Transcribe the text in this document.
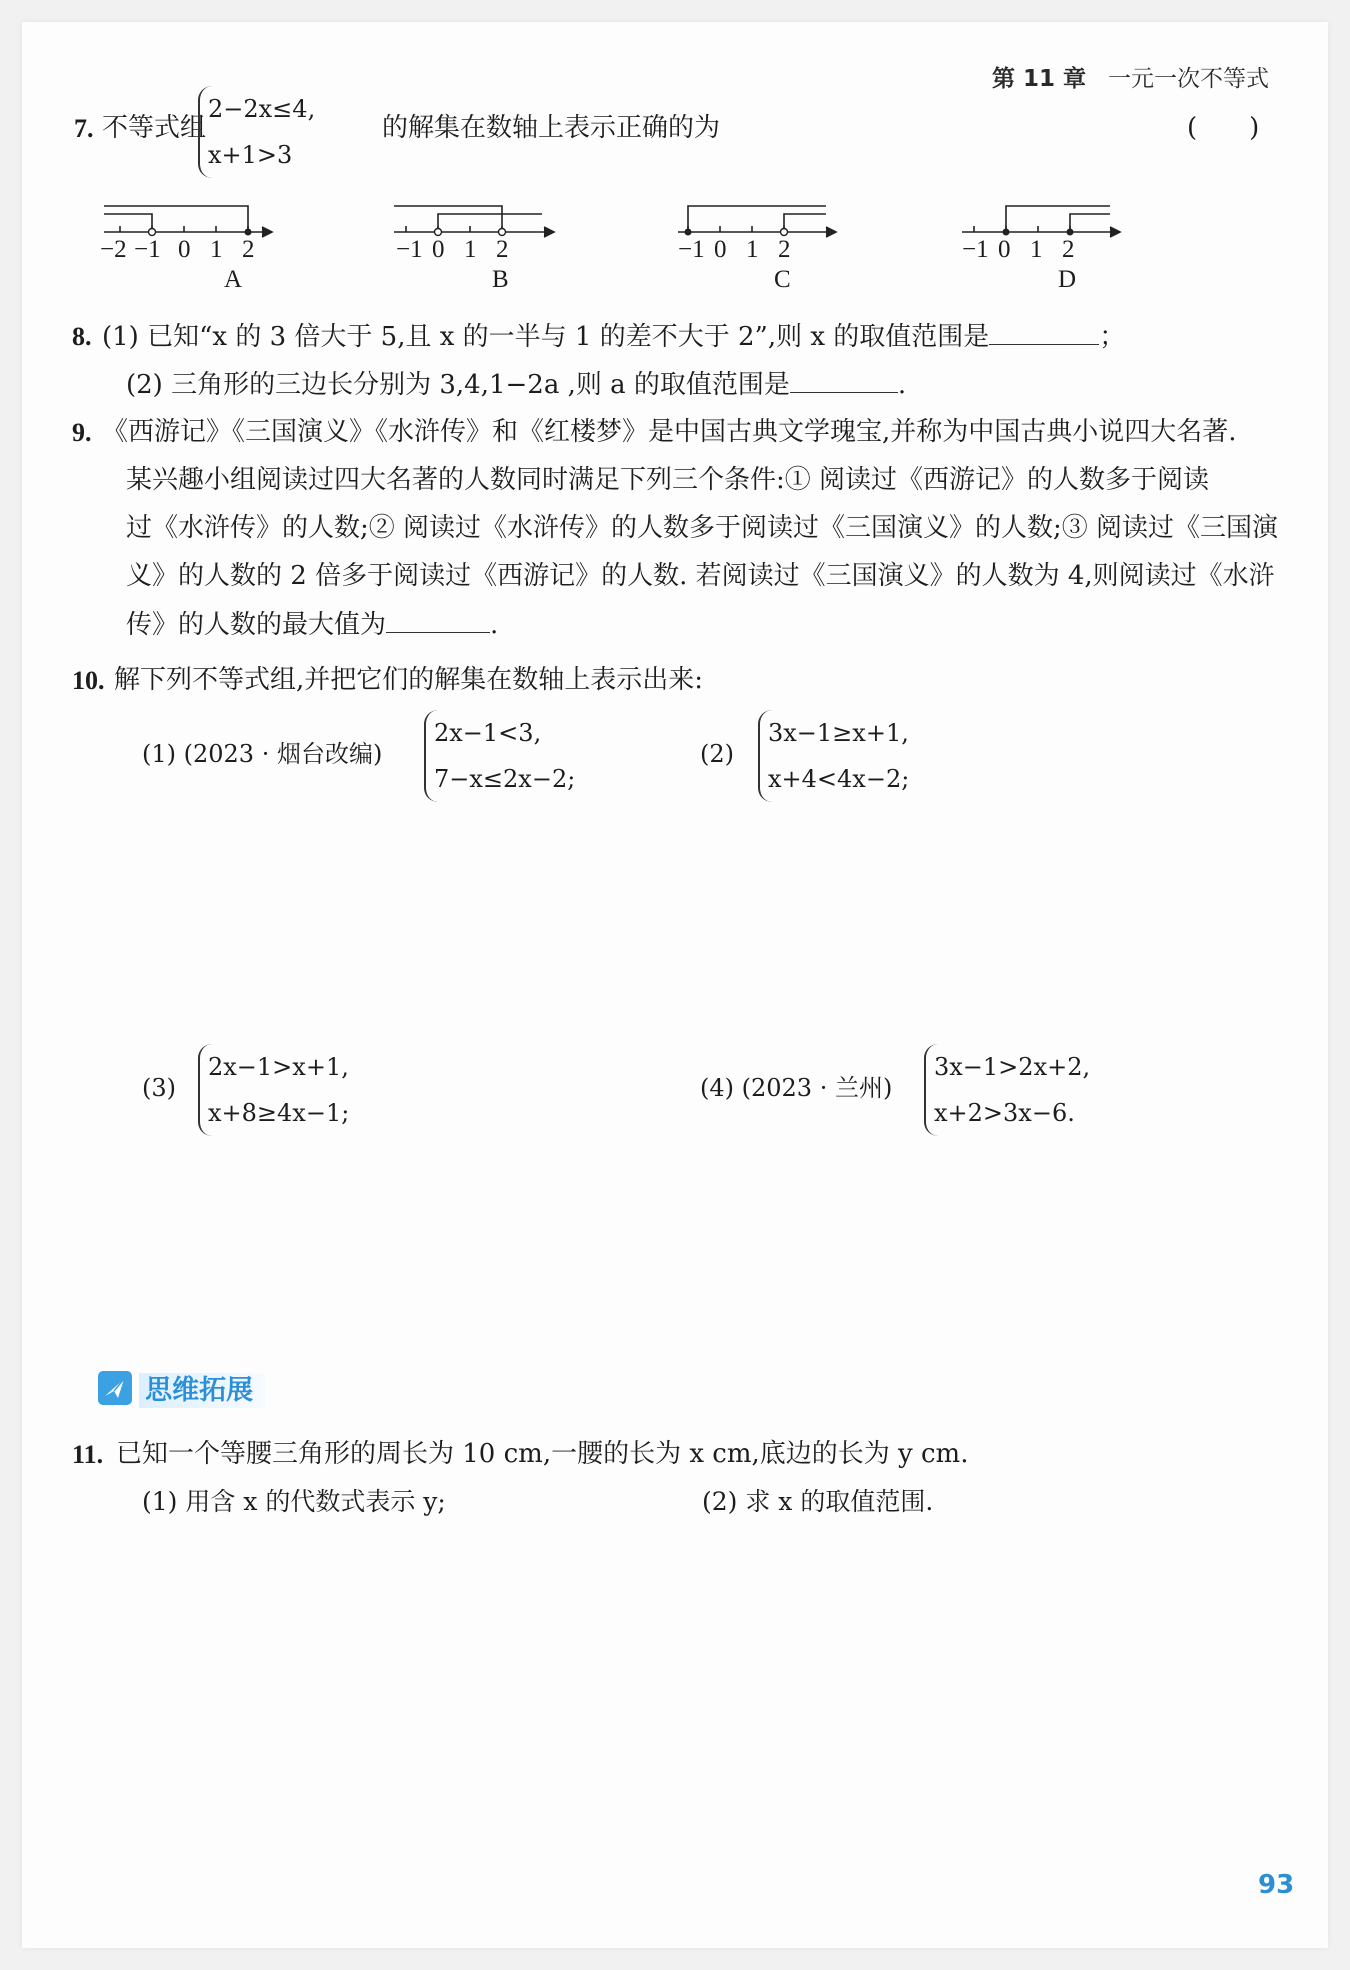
第 11 章 一元一次不等式
7. 不等式组
2−2x≤4,
x+1>3
的解集在数轴上表示正确的为	(　　)
−2 −1 0 1 2	−1 0 1 2	−1 0 1 2	−1 0 1 2
A	B	C	D
8. (1) 已知“x 的 3 倍大于 5,且 x 的一半与 1 的差不大于 2”,则 x 的取值范围是	；
(2) 三角形的三边长分别为 3,4,1−2a ,则 a 的取值范围是	.
9. 《西游记》《三国演义》《水浒传》和《红楼梦》是中国古典文学瑰宝,并称为中国古典小说四大名著.
某兴趣小组阅读过四大名著的人数同时满足下列三个条件:① 阅读过《西游记》的人数多于阅读
过《水浒传》的人数;② 阅读过《水浒传》的人数多于阅读过《三国演义》的人数;③ 阅读过《三国演
义》的人数的 2 倍多于阅读过《西游记》的人数. 若阅读过《三国演义》的人数为 4,则阅读过《水浒
传》的人数的最大值为	.
10. 解下列不等式组,并把它们的解集在数轴上表示出来:
(1) (2023 · 烟台改编)
2x−1<3,
7−x≤2x−2;
(2)
3x−1≥x+1,
x+4<4x−2;
(3)
2x−1>x+1,
x+8≥4x−1;
(4) (2023 · 兰州)
3x−1>2x+2,
x+2>3x−6.
思维拓展
11. 已知一个等腰三角形的周长为 10 cm,一腰的长为 x cm,底边的长为 y cm.
(1) 用含 x 的代数式表示 y;	(2) 求 x 的取值范围.
93
